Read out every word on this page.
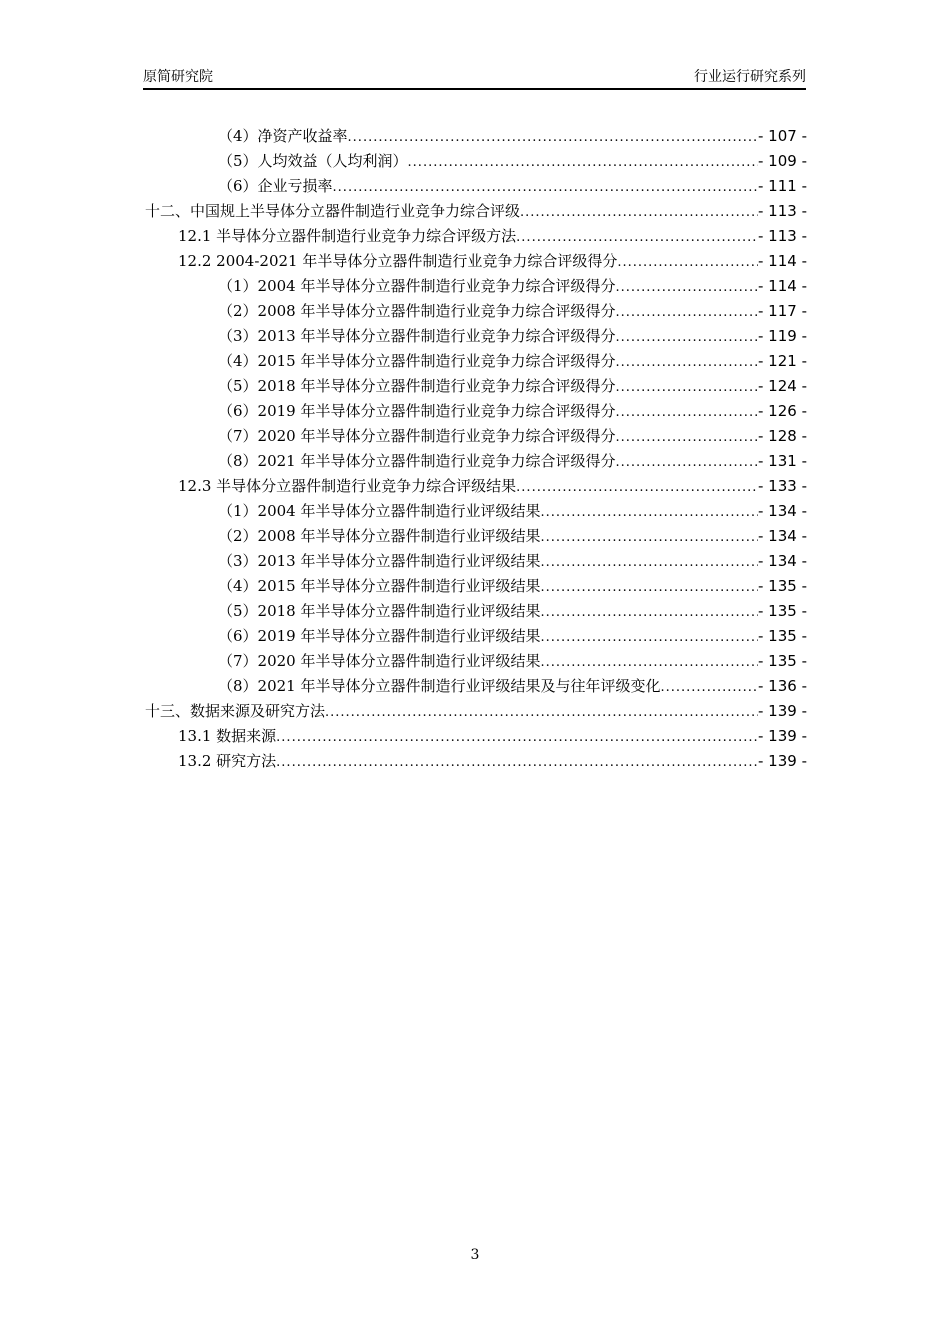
原简研究院	行业运行研究系列
（4）净资产收益率 .....	- 107 -
（5）人均效益（人均利润） .....	- 109 -
（6）企业亏损率 .....	- 111 -
十二、中国规上半导体分立器件制造行业竞争力综合评级 .....	- 113 -
12.1 半导体分立器件制造行业竞争力综合评级方法 .....	- 113 -
12.2 2004-2021 年半导体分立器件制造行业竞争力综合评级得分 .....	- 114 -
（1）2004 年半导体分立器件制造行业竞争力综合评级得分 .....	- 114 -
（2）2008 年半导体分立器件制造行业竞争力综合评级得分 .....	- 117 -
（3）2013 年半导体分立器件制造行业竞争力综合评级得分 .....	- 119 -
（4）2015 年半导体分立器件制造行业竞争力综合评级得分 .....	- 121 -
（5）2018 年半导体分立器件制造行业竞争力综合评级得分 .....	- 124 -
（6）2019 年半导体分立器件制造行业竞争力综合评级得分 .....	- 126 -
（7）2020 年半导体分立器件制造行业竞争力综合评级得分 .....	- 128 -
（8）2021 年半导体分立器件制造行业竞争力综合评级得分 .....	- 131 -
12.3 半导体分立器件制造行业竞争力综合评级结果 .....	- 133 -
（1）2004 年半导体分立器件制造行业评级结果 .....	- 134 -
（2）2008 年半导体分立器件制造行业评级结果 .....	- 134 -
（3）2013 年半导体分立器件制造行业评级结果 .....	- 134 -
（4）2015 年半导体分立器件制造行业评级结果 .....	- 135 -
（5）2018 年半导体分立器件制造行业评级结果 .....	- 135 -
（6）2019 年半导体分立器件制造行业评级结果 .....	- 135 -
（7）2020 年半导体分立器件制造行业评级结果 .....	- 135 -
（8）2021 年半导体分立器件制造行业评级结果及与往年评级变化 .....	- 136 -
十三、数据来源及研究方法 .....	- 139 -
13.1 数据来源 .....	- 139 -
13.2 研究方法 .....	- 139 -
3
